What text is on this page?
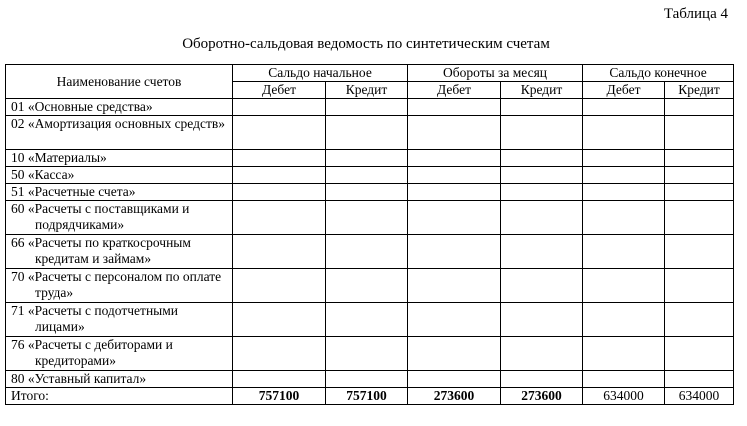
Таблица 4
Оборотно-сальдовая ведомость по синтетическим счетам
Наименование счетов	Сальдо начальное		Обороты за месяц		Сальдо конечное	
	Дебет	Кредит	Дебет	Кредит	Дебет	Кредит
01 «Основные средства»						

02 «Амортизация основных средств»						

10 «Материалы»						
50 «Касса»						
51 «Расчетные счета»						

60 «Расчеты с поставщиками и подрядчиками»						

66 «Расчеты по краткосрочным кредитам и займам»						

70 «Расчеты с персоналом по оплате труда»						

71 «Расчеты с подотчетными лицами»						

76 «Расчеты с дебиторами и кредиторами»						

80 «Уставный капитал»						
Итого:	757100	757100	273600	273600	634000	634000
